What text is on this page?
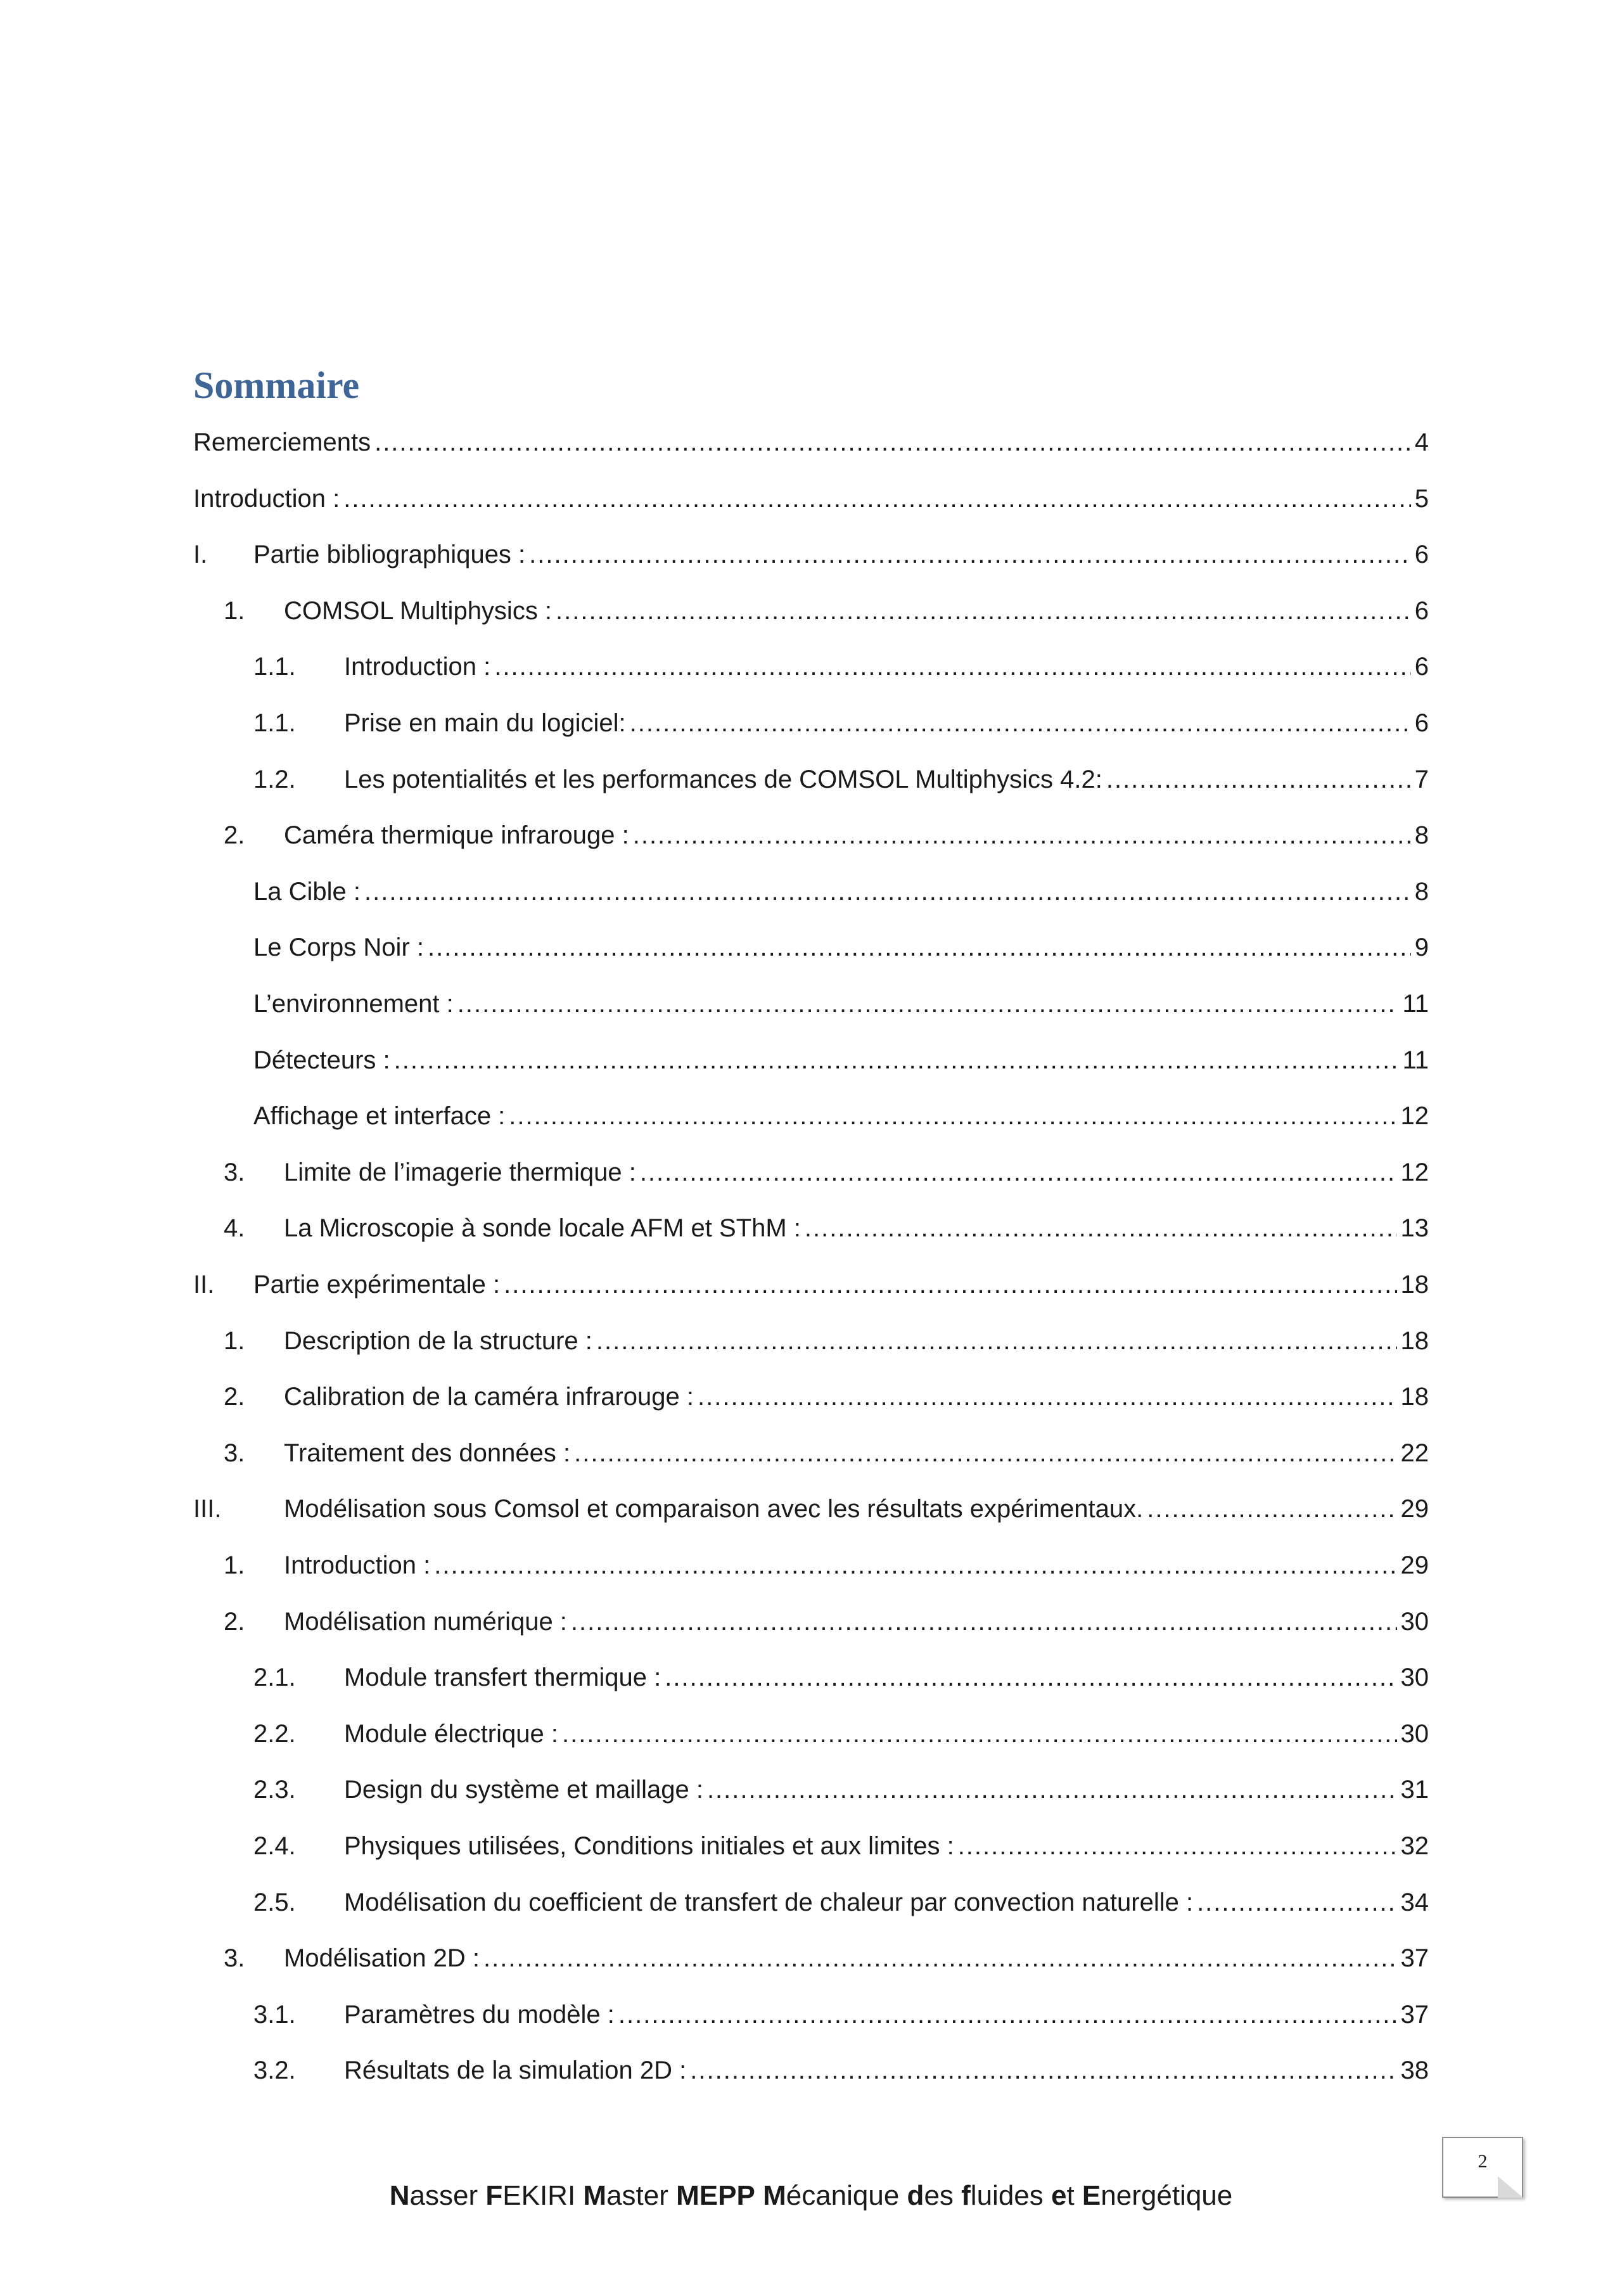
Sommaire
Remerciements .....	4
Introduction : .....	5
I. Partie bibliographiques : .....	6
1. COMSOL Multiphysics : .....	6
1.1. Introduction : .....	6
1.1. Prise en main du logiciel: .....	6
1.2. Les potentialités et les performances de COMSOL Multiphysics 4.2: .....	7
2. Caméra thermique infrarouge : .....	8
La Cible : .....	8
Le Corps Noir : .....	9
L’environnement : .....	11
Détecteurs : .....	11
Affichage et interface : .....	12
3. Limite de l’imagerie thermique : .....	12
4. La Microscopie à sonde locale AFM et SThM : .....	13
II. Partie expérimentale : .....	18
1. Description de la structure : .....	18
2. Calibration de la caméra infrarouge : .....	18
3. Traitement des données : .....	22
III. Modélisation sous Comsol et comparaison avec les résultats expérimentaux. .....	29
1. Introduction : .....	29
2. Modélisation numérique : .....	30
2.1. Module transfert thermique : .....	30
2.2. Module électrique : .....	30
2.3. Design du système et maillage : .....	31
2.4. Physiques utilisées, Conditions initiales et aux limites : .....	32
2.5. Modélisation du coefficient de transfert de chaleur par convection naturelle : .....	34
3. Modélisation 2D : .....	37
3.1. Paramètres du modèle : .....	37
3.2. Résultats de la simulation 2D : .....	38
2
Nasser FEKIRI Master MEPP Mécanique des fluides et Energétique
